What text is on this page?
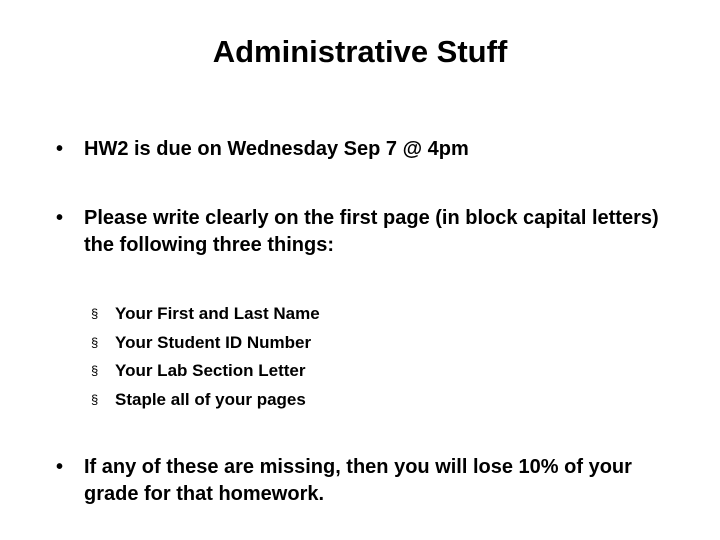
Administrative Stuff
• HW2 is due on Wednesday Sep 7 @ 4pm
• Please write clearly on the first page (in block capital letters) the following three things:
§ Your First and Last Name
§ Your Student ID Number
§ Your Lab Section Letter
§ Staple all of your pages
• If any of these are missing, then you will lose 10% of your grade for that homework.
